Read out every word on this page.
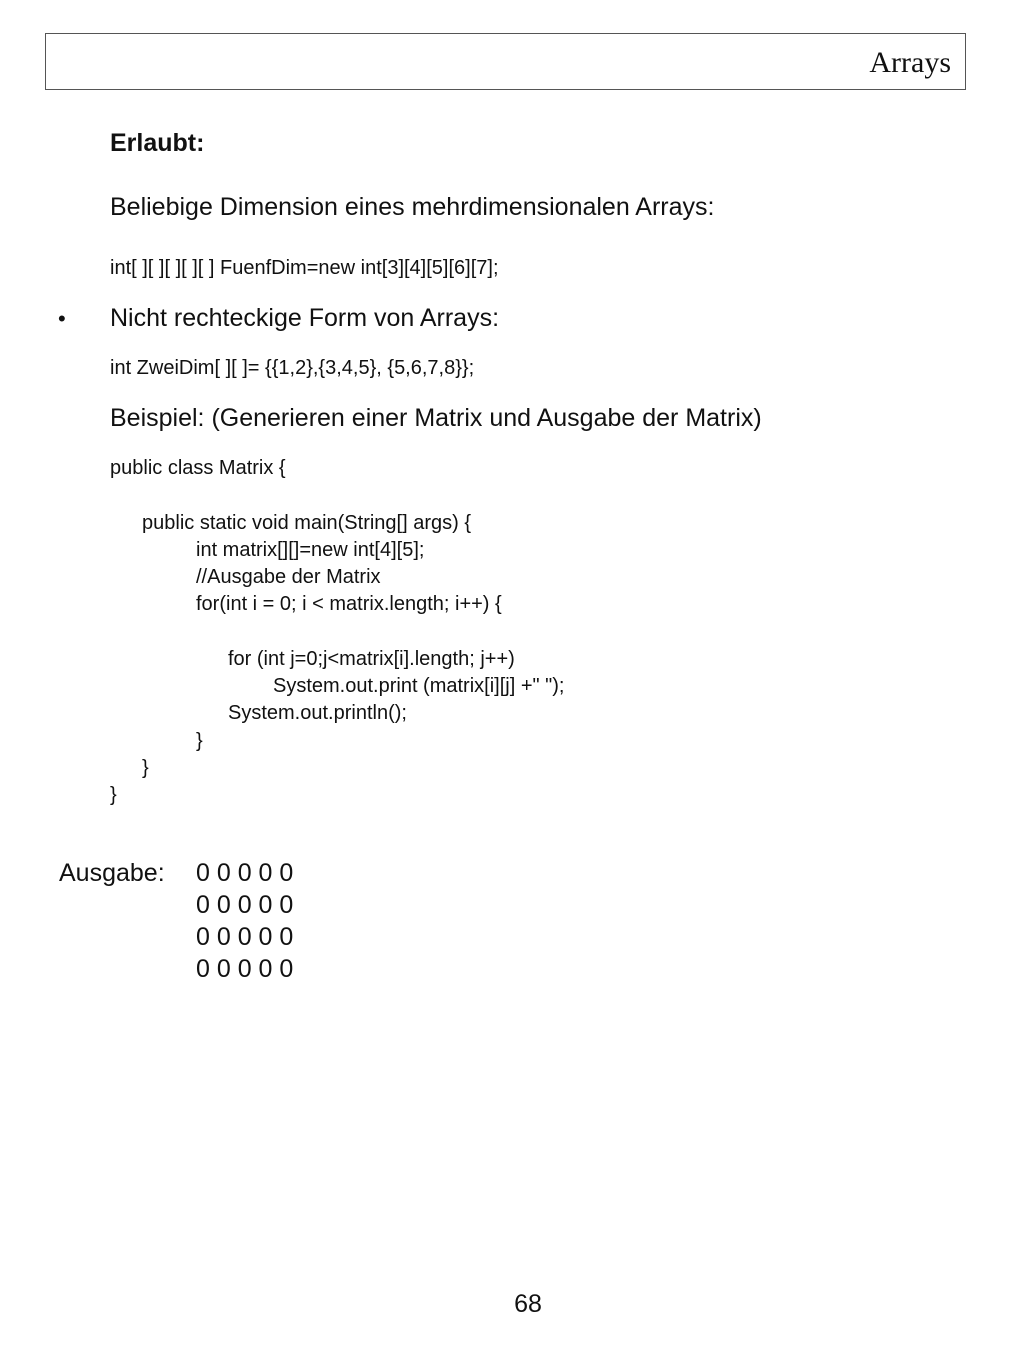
Arrays
Erlaubt:
Beliebige Dimension eines mehrdimensionalen Arrays:
int[ ][ ][ ][ ][ ] FuenfDim=new int[3][4][5][6][7];
• Nicht rechteckige Form von Arrays:
int ZweiDim[ ][ ]= {{1,2},{3,4,5}, {5,6,7,8}};
Beispiel: (Generieren einer Matrix und Ausgabe der Matrix)
public class Matrix {
public static void main(String[] args) {
int matrix[][]=new int[4][5];
//Ausgabe der Matrix
for(int i = 0; i < matrix.length; i++) {
for (int j=0;j<matrix[i].length; j++)
System.out.print (matrix[i][j] +" ");
System.out.println();
}
}
}
Ausgabe: 0 0 0 0 0
0 0 0 0 0
0 0 0 0 0
0 0 0 0 0
68
